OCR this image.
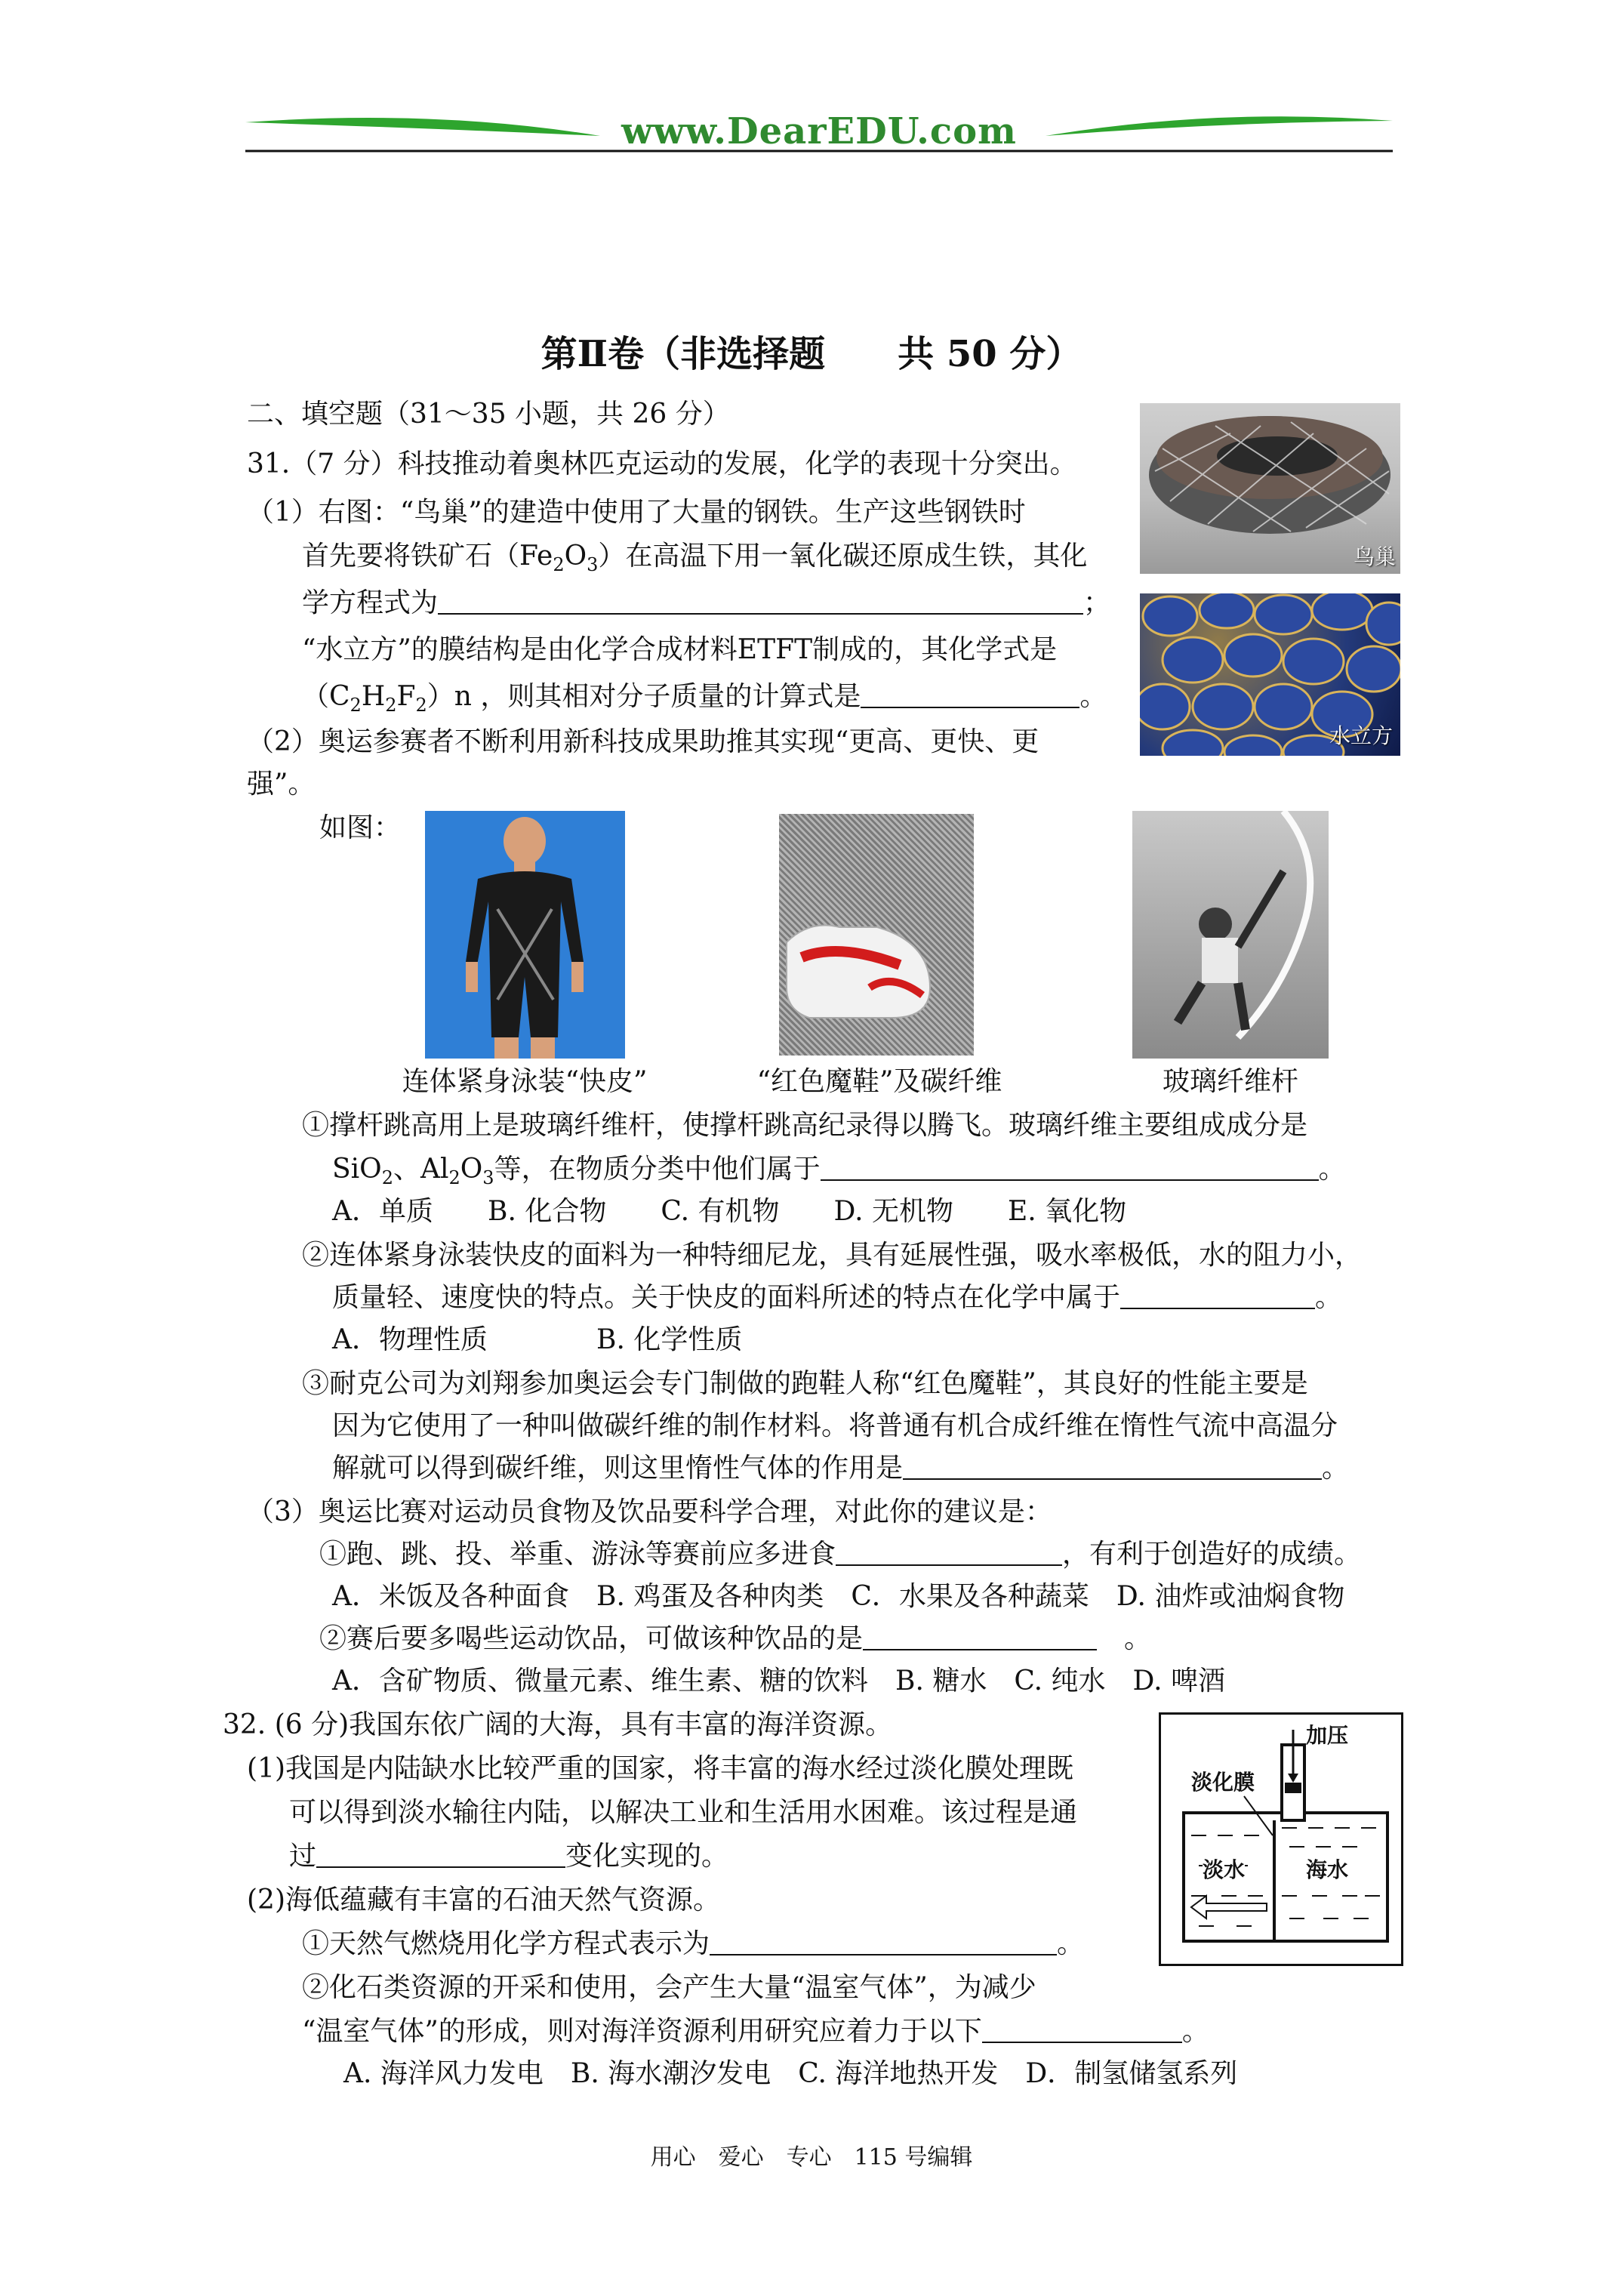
www.DearEDU.com
第Ⅱ卷（非选择题　　共 50 分）
二、填空题（31～35 小题，共 26 分）
31.（7 分）科技推动着奥林匹克运动的发展，化学的表现十分突出。
（1）右图：“鸟巢”的建造中使用了大量的钢铁。生产这些钢铁时
首先要将铁矿石$(Fe_2O_3)$在高温下用一氧化碳还原成生铁，其化
学方程式为	；
“水立方”的膜结构是由化学合成材料ETFT制成的，其化学式是
$(C_2H_2F_2)n$ ，则其相对分子质量的计算式是	。
（2）奥运参赛者不断利用新科技成果助推其实现“更高、更快、更
强”。
如图：
鸟巢
水立方
连体紧身泳装“快皮”	“红色魔鞋”及碳纤维	玻璃纤维杆
①撑杆跳高用上是玻璃纤维杆，使撑杆跳高纪录得以腾飞。玻璃纤维主要组成成分是
SiO$_2$、$Al_2O_3$等，在物质分类中他们属于	。
A．单质　　B. 化合物　　C. 有机物　　D. 无机物　　E. 氧化物
②连体紧身泳装快皮的面料为一种特细尼龙，具有延展性强，吸水率极低，水的阻力小，
质量轻、速度快的特点。关于快皮的面料所述的特点在化学中属于	。
A．物理性质　　　　B. 化学性质
③耐克公司为刘翔参加奥运会专门制做的跑鞋人称“红色魔鞋”，其良好的性能主要是
因为它使用了一种叫做碳纤维的制作材料。将普通有机合成纤维在惰性气流中高温分
解就可以得到碳纤维，则这里惰性气体的作用是	。
（3）奥运比赛对运动员食物及饮品要科学合理，对此你的建议是：
①跑、跳、投、举重、游泳等赛前应多进食	，有利于创造好的成绩。
A．米饭及各种面食　B. 鸡蛋及各种肉类　C．水果及各种蔬菜　D. 油炸或油焖食物
②赛后要多喝些运动饮品，可做该种饮品的是	　。
A．含矿物质、微量元素、维生素、糖的饮料　B. 糖水　C. 纯水　D. 啤酒
32. (6 分)我国东依广阔的大海，具有丰富的海洋资源。
(1)我国是内陆缺水比较严重的国家，将丰富的海水经过淡化膜处理既
可以得到淡水输往内陆，以解决工业和生活用水困难。该过程是通
过	变化实现的。
(2)海低蕴藏有丰富的石油天然气资源。
①天然气燃烧用化学方程式表示为	。
②化石类资源的开采和使用，会产生大量“温室气体”，为减少
“温室气体”的形成，则对海洋资源利用研究应着力于以下	。
A. 海洋风力发电　B. 海水潮汐发电　C. 海洋地热开发　D．制氢储氢系列
加压
淡化膜
淡水	海水
用心　爱心　专心　115 号编辑
